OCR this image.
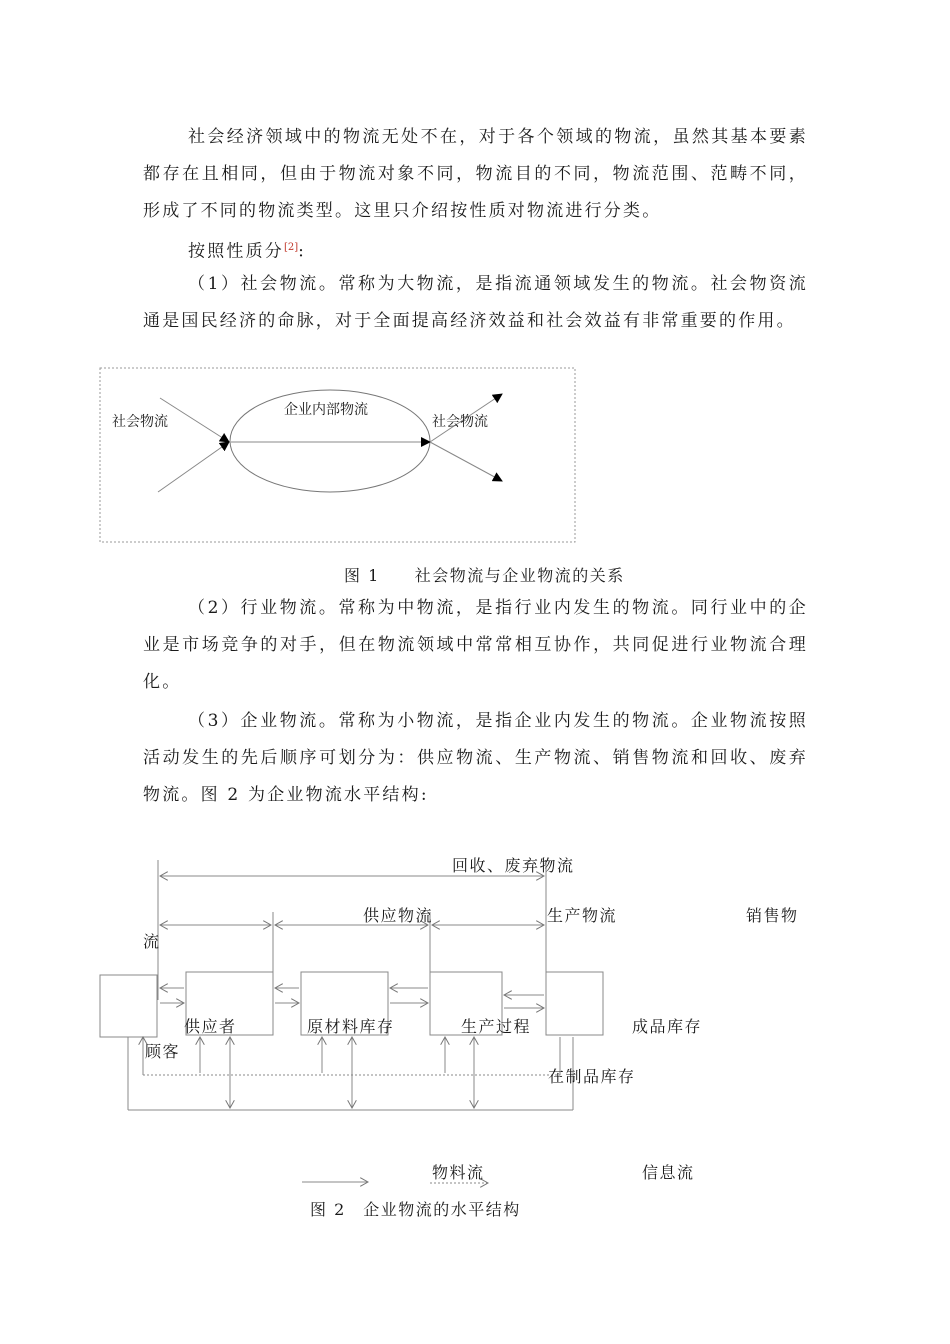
社会经济领域中的物流无处不在，对于各个领域的物流，虽然其基本要素都存在且相同，但由于物流对象不同，物流目的不同，物流范围、范畴不同，形成了不同的物流类型。这里只介绍按性质对物流进行分类。

按照性质分[2]:

（1）社会物流。常称为大物流，是指流通领域发生的物流。社会物资流通是国民经济的命脉，对于全面提高经济效益和社会效益有非常重要的作用。

社会物流
企业内部物流
社会物流
图 1　　社会物流与企业物流的关系

（2）行业物流。常称为中物流，是指行业内发生的物流。同行业中的企业是市场竞争的对手，但在物流领域中常常相互协作，共同促进行业物流合理化。

（3）企业物流。常称为小物流，是指企业内发生的物流。企业物流按照活动发生的先后顺序可划分为：供应物流、生产物流、销售物流和回收、废弃物流。图 2 为企业物流水平结构:

回收、废弃物流
供应物流	生产物流	销售物
流
供应者	原材料库存	生产过程	成品库存
顾客
在制品库存
物料流	信息流
图 2　企业物流的水平结构
